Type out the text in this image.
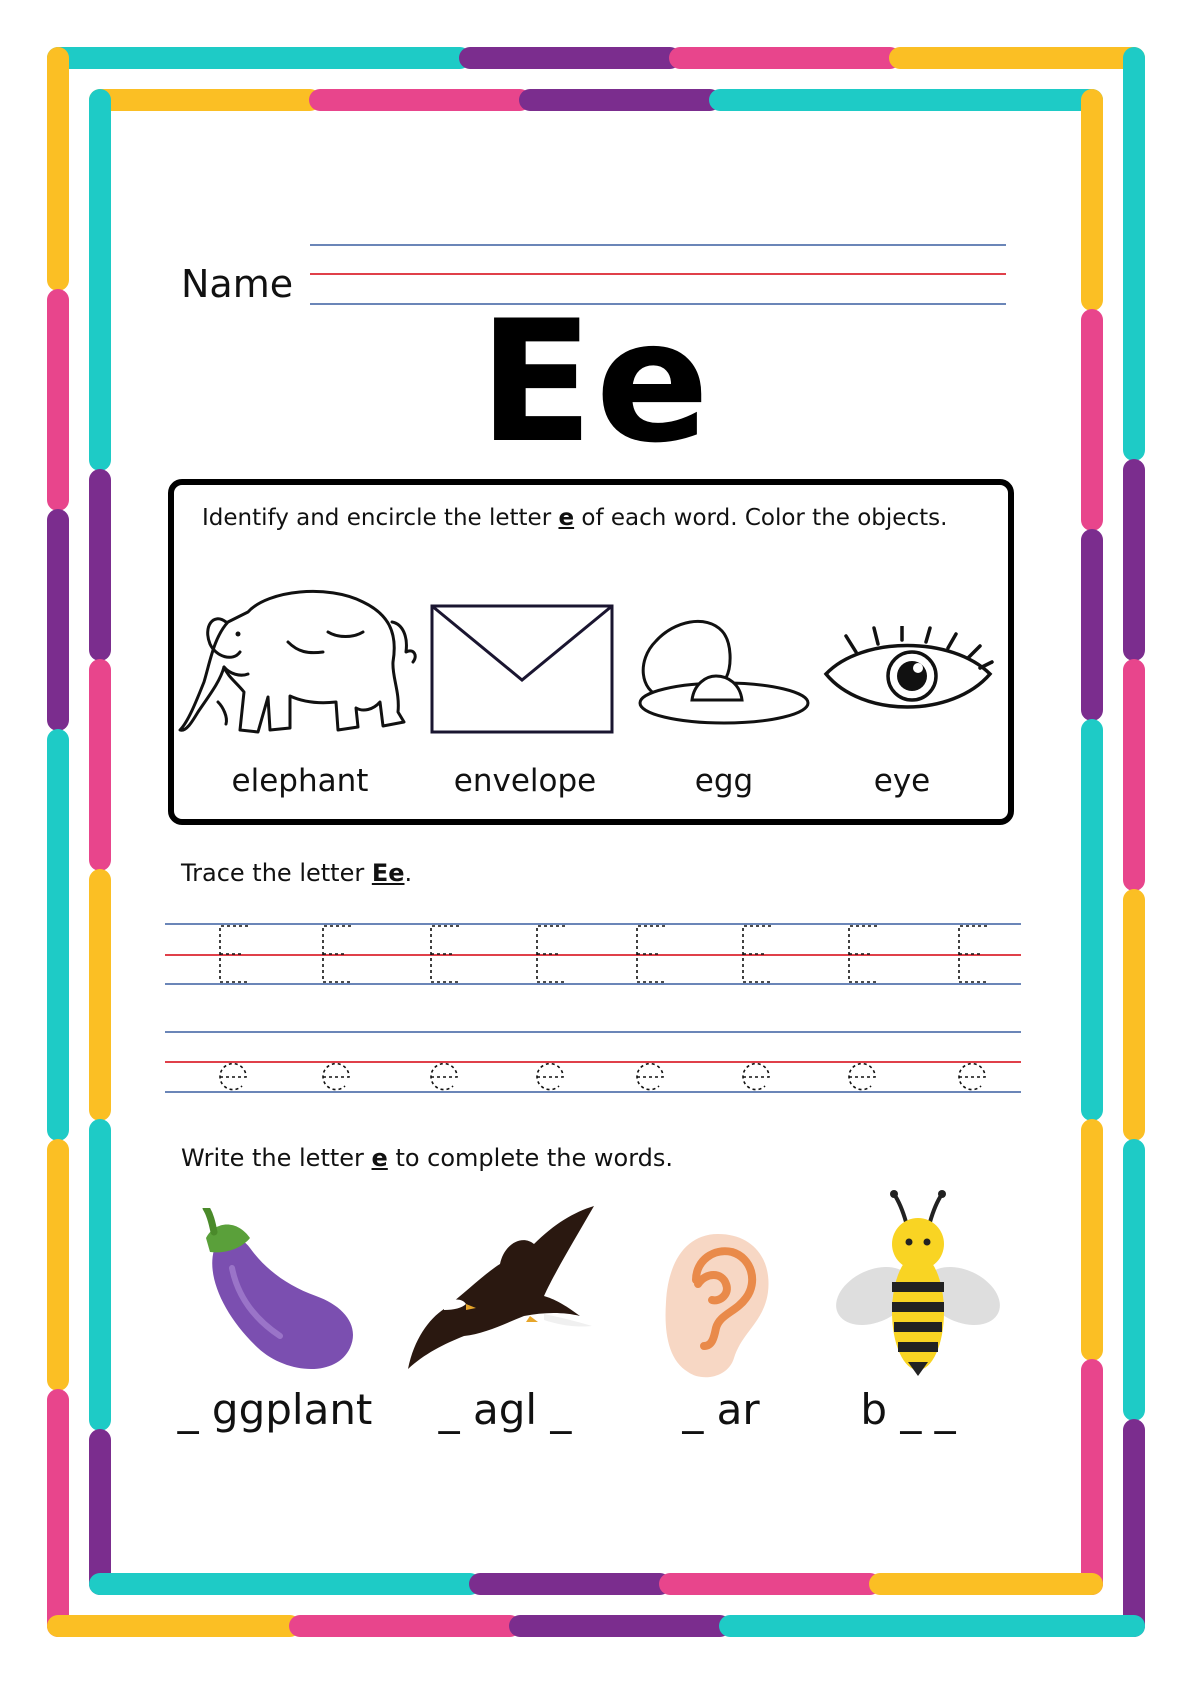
Name	Ee
Identify and encircle the letter e of each word. Color the objects.
elephant	envelope	egg	eye
Trace the letter Ee.
Write the letter e to complete the words.
_ ggplant	_ agl _	_ ar	b _ _
